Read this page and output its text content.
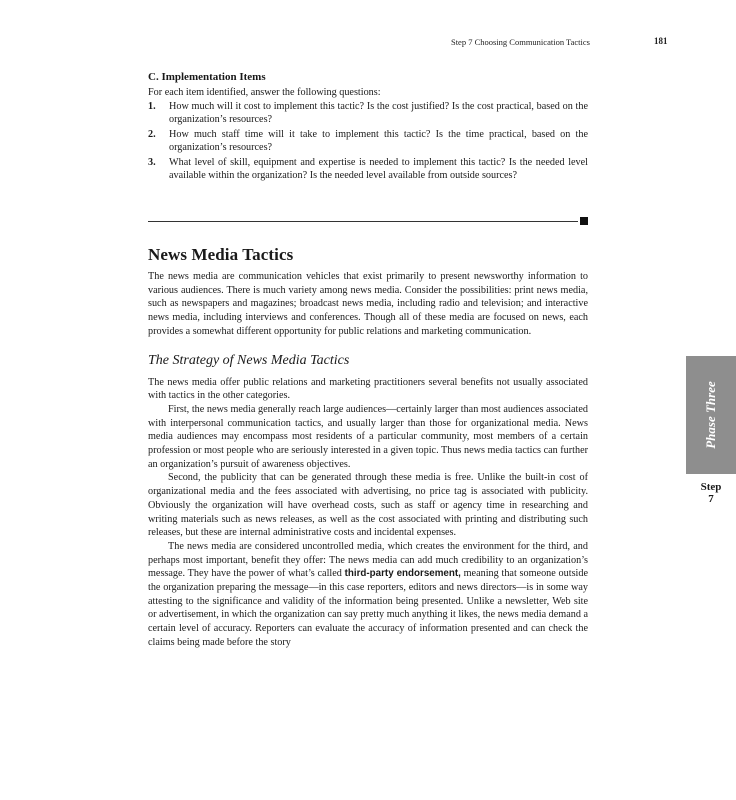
Step 7 Choosing Communication Tactics	181

C. Implementation Items

For each item identified, answer the following questions:

1. How much will it cost to implement this tactic? Is the cost justified? Is the cost practical, based on the organization’s resources?
2. How much staff time will it take to implement this tactic? Is the time practical, based on the organization’s resources?
3. What level of skill, equipment and expertise is needed to implement this tactic? Is the needed level available within the organization? Is the needed level available from outside sources?
News Media Tactics

The news media are communication vehicles that exist primarily to present newsworthy information to various audiences. There is much variety among news media. Consider the possibilities: print news media, such as newspapers and magazines; broadcast news media, including radio and television; and interactive news media, including interviews and conferences. Though all of these media are focused on news, each provides a somewhat different opportunity for public relations and marketing communication.

The Strategy of News Media Tactics

The news media offer public relations and marketing practitioners several benefits not usually associated with tactics in the other categories.

First, the news media generally reach large audiences—certainly larger than most audiences associated with interpersonal communication tactics, and usually larger than those for organizational media. News media audiences may encompass most residents of a particular community, most members of a certain profession or most people who are seriously interested in a given topic. Thus news media tactics can further an organization’s pursuit of awareness objectives.

Second, the publicity that can be generated through these media is free. Unlike the built-in cost of organizational media and the fees associated with advertising, no price tag is associated with publicity. Obviously the organization will have overhead costs, such as staff or agency time in researching and writing materials such as news releases, as well as the cost associated with printing and distributing such releases, but these are internal administrative costs and incidental expenses.

The news media are considered uncontrolled media, which creates the environment for the third, and perhaps most important, benefit they offer: The news media can add much credibility to an organization’s message. They have the power of what’s called third-party endorsement, meaning that someone outside the organization preparing the message—in this case reporters, editors and news directors—is in some way attesting to the significance and validity of the information being presented. Unlike a newsletter, Web site or advertisement, in which the organization can say pretty much anything it likes, the news media demand a certain level of accuracy. Reporters can evaluate the accuracy of information presented and can check the claims being made before the story

Phase Three
Step
7
